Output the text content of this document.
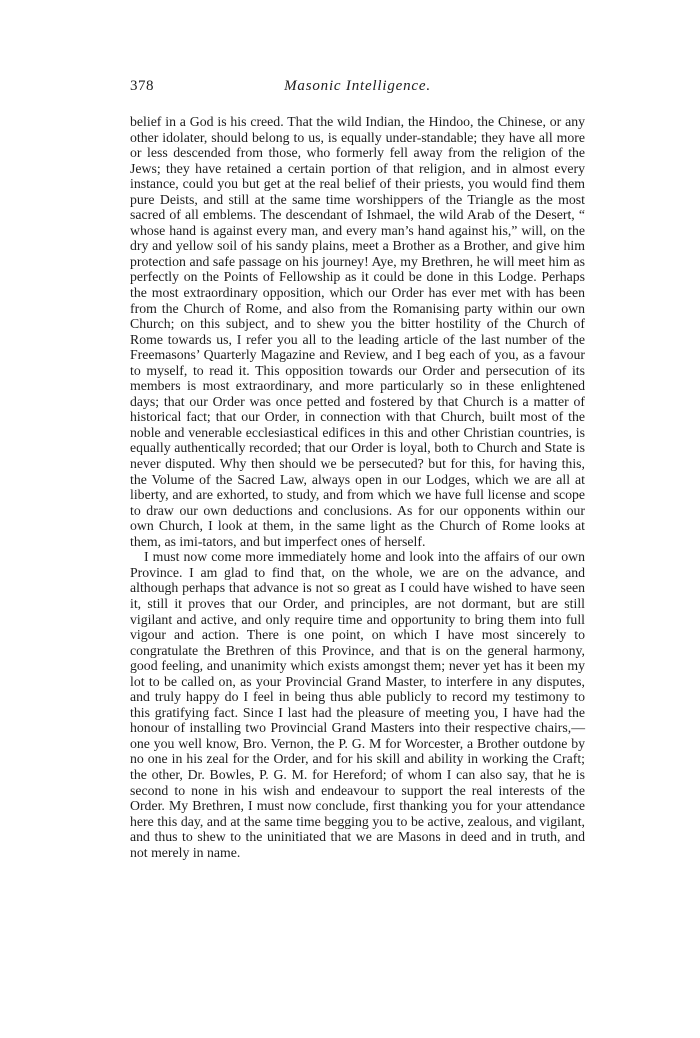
378	Masonic Intelligence.

belief in a God is his creed. That the wild Indian, the Hindoo, the Chinese, or any other idolater, should belong to us, is equally under-standable; they have all more or less descended from those, who formerly fell away from the religion of the Jews; they have retained a certain portion of that religion, and in almost every instance, could you but get at the real belief of their priests, you would find them pure Deists, and still at the same time worshippers of the Triangle as the most sacred of all emblems. The descendant of Ishmael, the wild Arab of the Desert, “ whose hand is against every man, and every man’s hand against his,” will, on the dry and yellow soil of his sandy plains, meet a Brother as a Brother, and give him protection and safe passage on his journey! Aye, my Brethren, he will meet him as perfectly on the Points of Fellowship as it could be done in this Lodge. Perhaps the most extraordinary opposition, which our Order has ever met with has been from the Church of Rome, and also from the Romanising party within our own Church; on this subject, and to shew you the bitter hostility of the Church of Rome towards us, I refer you all to the leading article of the last number of the Freemasons’ Quarterly Magazine and Review, and I beg each of you, as a favour to myself, to read it. This opposition towards our Order and persecution of its members is most extraordinary, and more particularly so in these enlightened days; that our Order was once petted and fostered by that Church is a matter of historical fact; that our Order, in connection with that Church, built most of the noble and venerable ecclesiastical edifices in this and other Christian countries, is equally authentically recorded; that our Order is loyal, both to Church and State is never disputed. Why then should we be persecuted? but for this, for having this, the Volume of the Sacred Law, always open in our Lodges, which we are all at liberty, and are exhorted, to study, and from which we have full license and scope to draw our own deductions and conclusions. As for our opponents within our own Church, I look at them, in the same light as the Church of Rome looks at them, as imi-tators, and but imperfect ones of herself.

I must now come more immediately home and look into the affairs of our own Province. I am glad to find that, on the whole, we are on the advance, and although perhaps that advance is not so great as I could have wished to have seen it, still it proves that our Order, and principles, are not dormant, but are still vigilant and active, and only require time and opportunity to bring them into full vigour and action. There is one point, on which I have most sincerely to congratulate the Brethren of this Province, and that is on the general harmony, good feeling, and unanimity which exists amongst them; never yet has it been my lot to be called on, as your Provincial Grand Master, to interfere in any disputes, and truly happy do I feel in being thus able publicly to record my testimony to this gratifying fact. Since I last had the pleasure of meeting you, I have had the honour of installing two Provincial Grand Masters into their respective chairs,—one you well know, Bro. Vernon, the P. G. M for Worcester, a Brother outdone by no one in his zeal for the Order, and for his skill and ability in working the Craft; the other, Dr. Bowles, P. G. M. for Hereford; of whom I can also say, that he is second to none in his wish and endeavour to support the real interests of the Order. My Brethren, I must now conclude, first thanking you for your attendance here this day, and at the same time begging you to be active, zealous, and vigilant, and thus to shew to the uninitiated that we are Masons in deed and in truth, and not merely in name.
